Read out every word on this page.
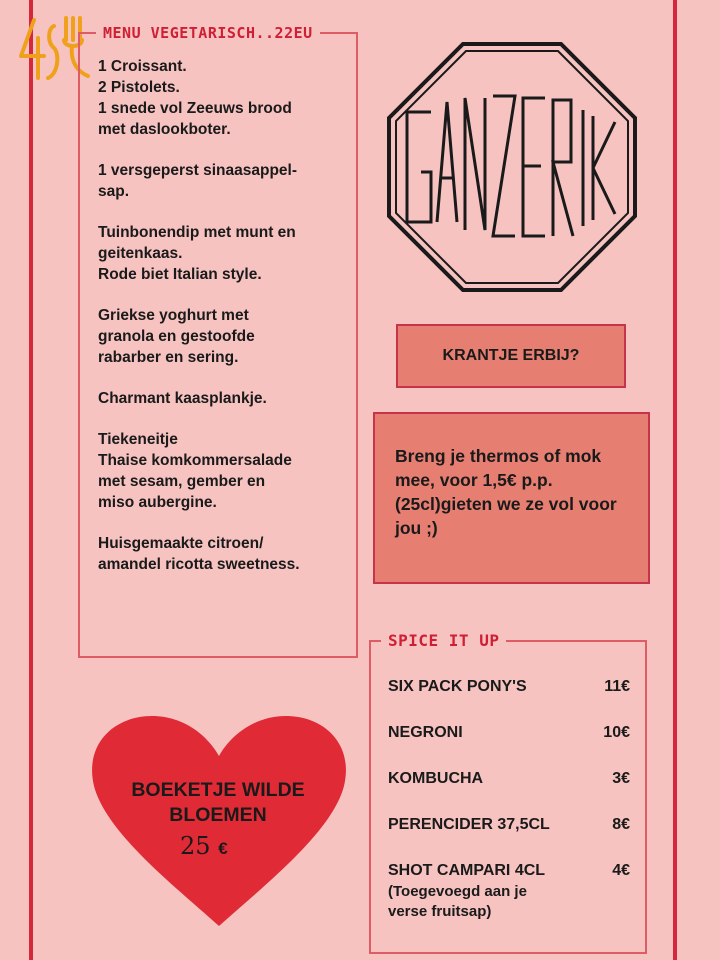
MENU VEGETARISCH..22EU
1 Croissant.
2 Pistolets.
1 snede vol Zeeuws brood
met daslookboter.
1 versgeperst sinaasappel-
sap.
Tuinbonendip met munt en
geitenkaas.
Rode biet Italian style.
Griekse yoghurt met
granola en gestoofde
rabarber en sering.
Charmant kaasplankje.
Tiekeneitje
Thaise komkommersalade
met sesam, gember en
miso aubergine.
Huisgemaakte citroen/
amandel ricotta sweetness.
KRANTJE ERBIJ?
Breng je thermos of mok mee, voor 1,5€ p.p. (25cl)gieten we ze vol voor jou ;)
BOEKETJE WILDE BLOEMEN
25 €
SPICE IT UP
SIX PACK PONY'S	11€
NEGRONI	10€
KOMBUCHA	3€
PERENCIDER 37,5CL	8€
SHOT CAMPARI 4CL	4€
(Toegevoegd aan je
verse fruitsap)
